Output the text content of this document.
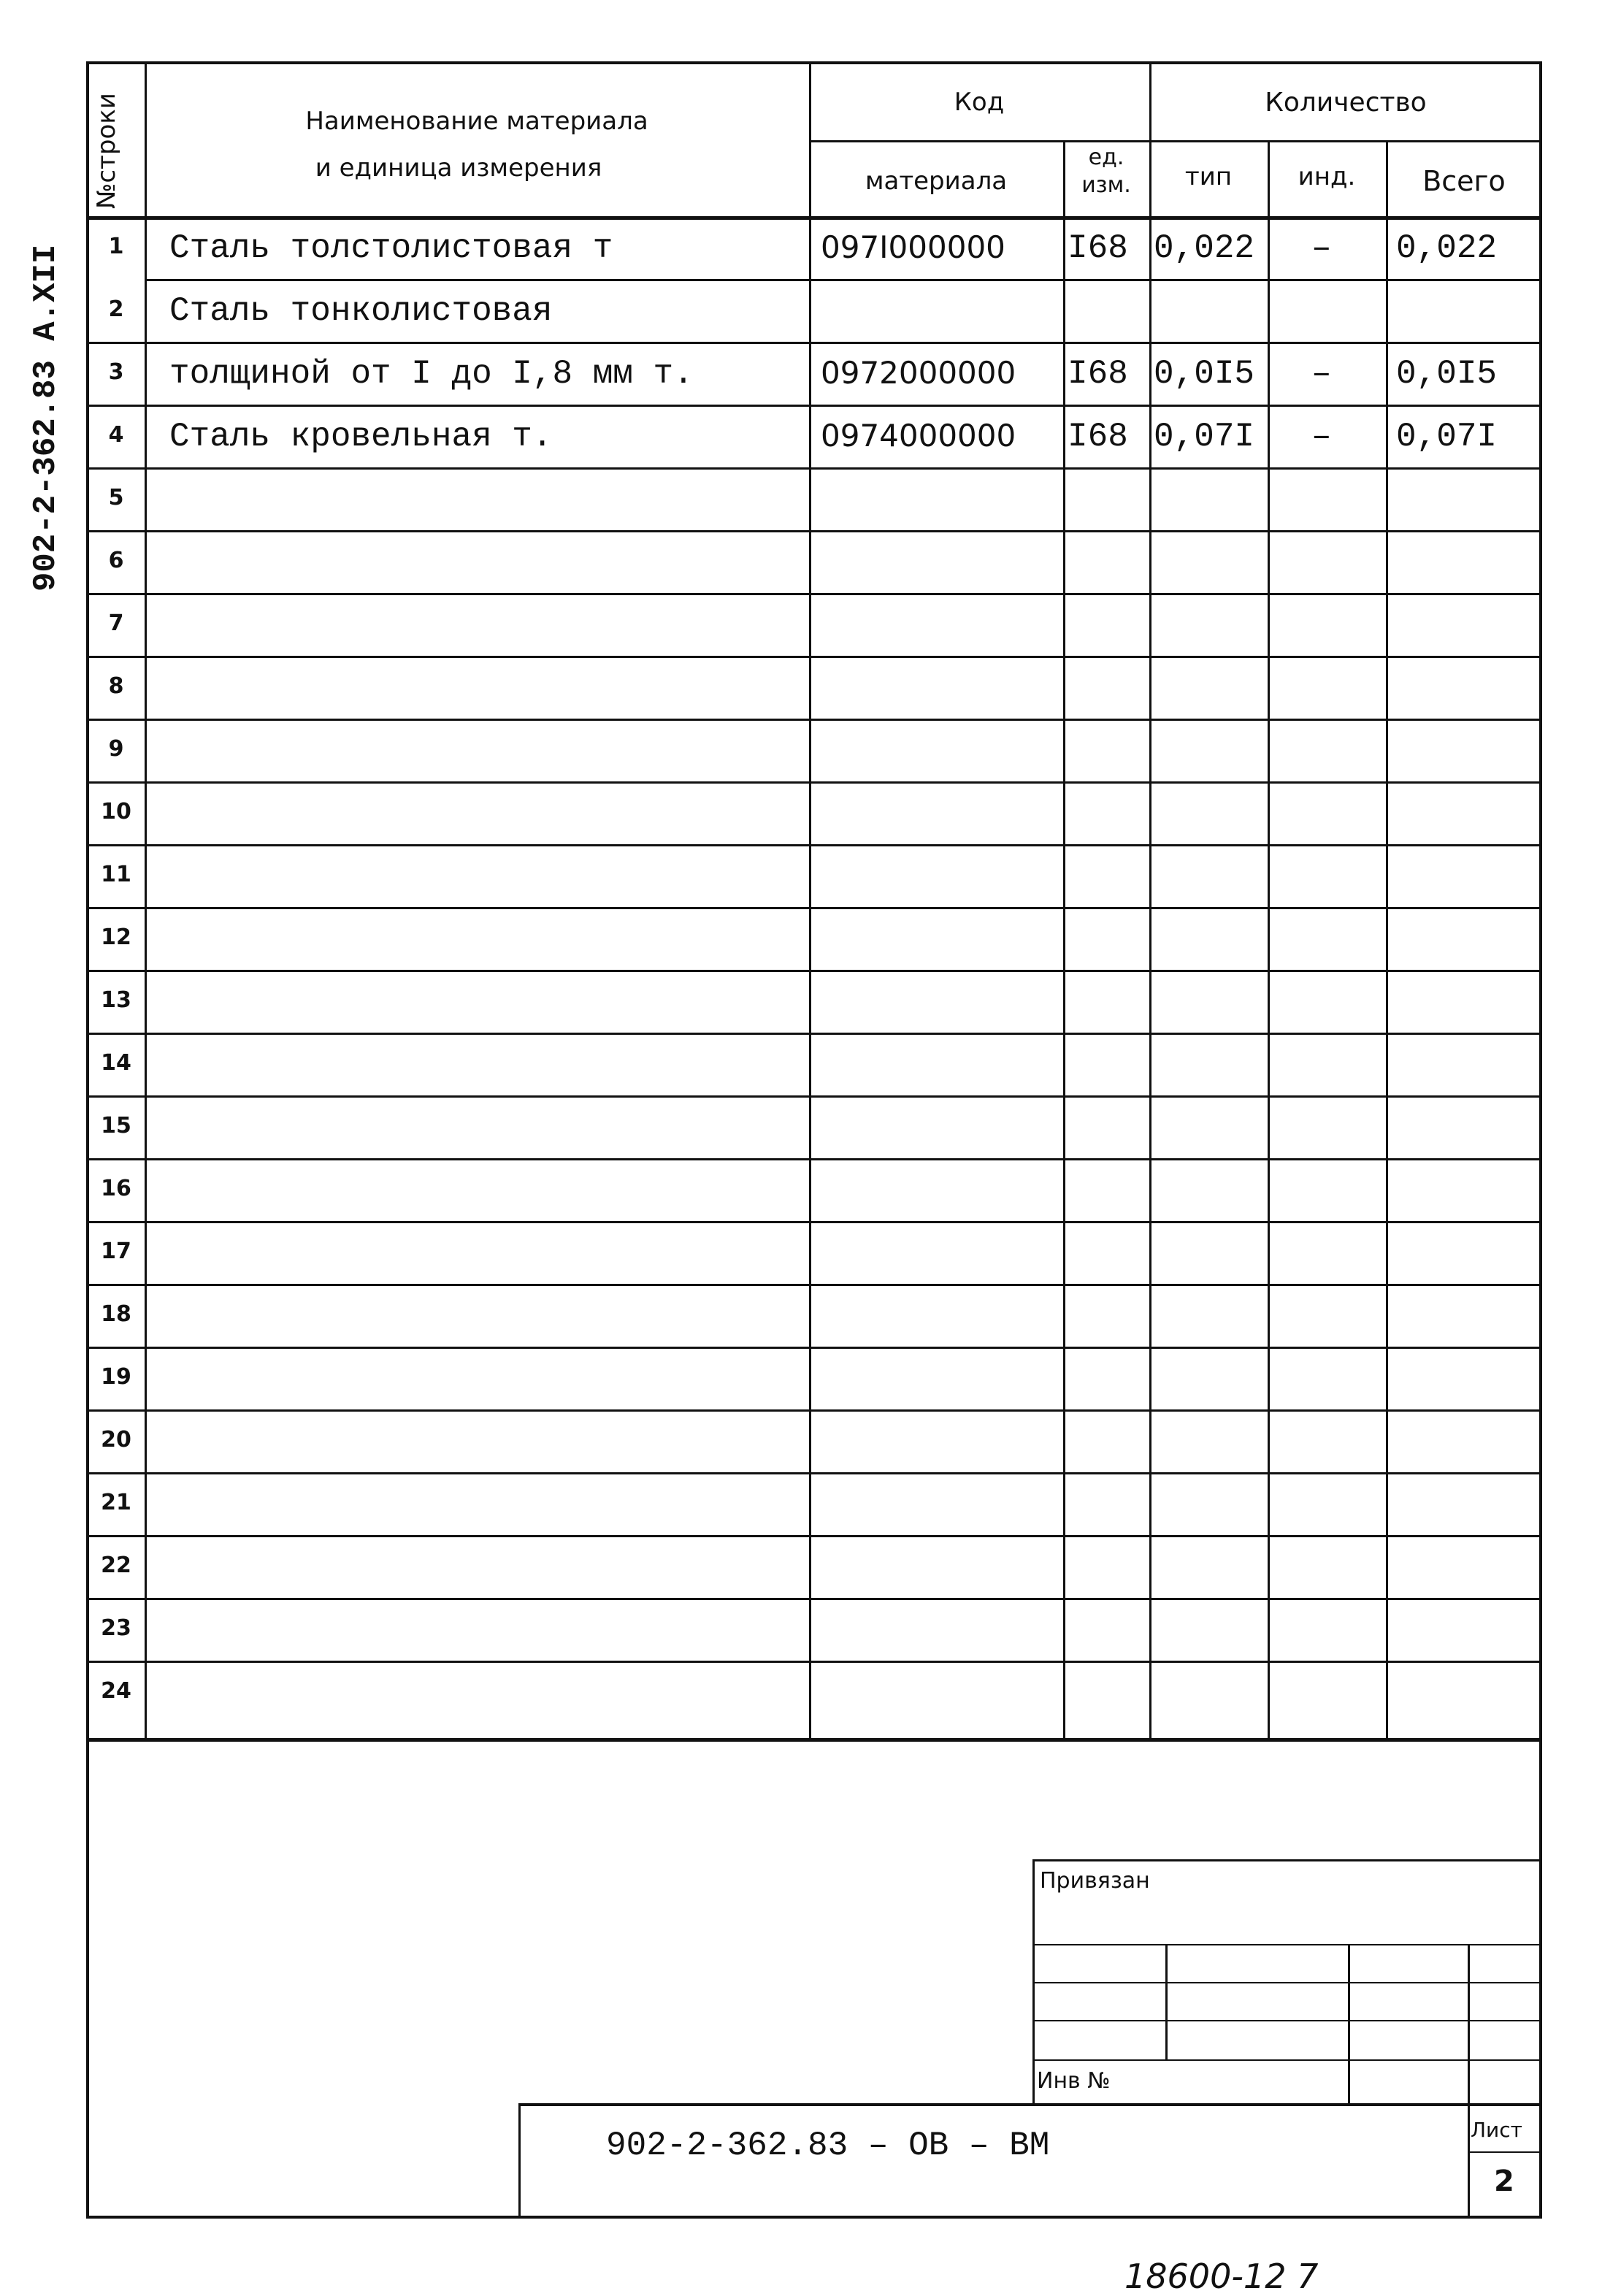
902-2-362.83 A.XII
№строки	Наименование материала
и единица измерения
Код	Количество
материала
ед.
изм.	тип	инд.	Всего
1	Сталь толстолистовая т	097I000000 I68 0,022 – 0,022
2	Сталь тонколистовая
3	толщиной от I до I,8 мм т.	0972000000 I68 0,0I5 – 0,0I5
4	Сталь кровельная т.	0974000000 I68 0,07I – 0,07I
5
6
7
8
9
10
11
12
13
14
15
16
17
18
19
20
21
22
23
24
Привязан
Инв №
902-2-362.83 – ОВ – ВМ	Лист
2
18600-12 7
